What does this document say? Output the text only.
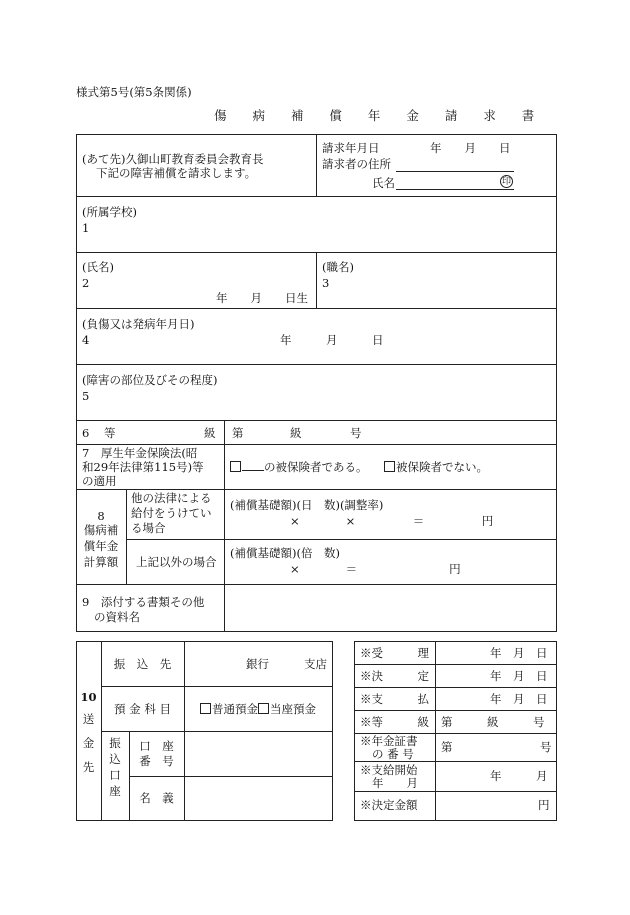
様式第5号(第5条関係)
傷 病 補 償 年 金 請 求 書
(あて先)久御山町教育委員会教育長
下記の障害補償を請求します。
請求年月日	年　　月　　日
請求者の住所
氏名	印
(所属学校)
1
(氏名)
2
年　　月　　日生
(職名)
3
(負傷又は発病年月日)
4	年　　　月　　　日
(障害の部位及びその程度)
5
6 等	級 第	級	号
7　厚生年金保険法(昭
和29年法律第115号)等
の適用
の被保険者である。	被保険者でない。
8
傷病補
償年金
計算額
他の法律による
給付をうけてい
る場合
(補償基礎額)(日　数)(調整率)
×　　　　×　　　　　＝　　　　　円
上記以外の場合
(補償基礎額)(倍　数)
×　　　　＝　　　　　　　　円
9　添付する書類その他
の資料名
10
送
金
先
振　込　先	銀行	支店
預 金 科 目	普通預金 当座預金
振
込
口
座
口　座
番　号
名　義
※受　　　理	年　月　日
※決　　　定	年　月　日
※支　　　払	年　月　日
※等　　　級 第　　　級　　　号
※年金証書
の 番 号 第	号
※支給開始
年　　月	年　　　月
※決定金額	円
